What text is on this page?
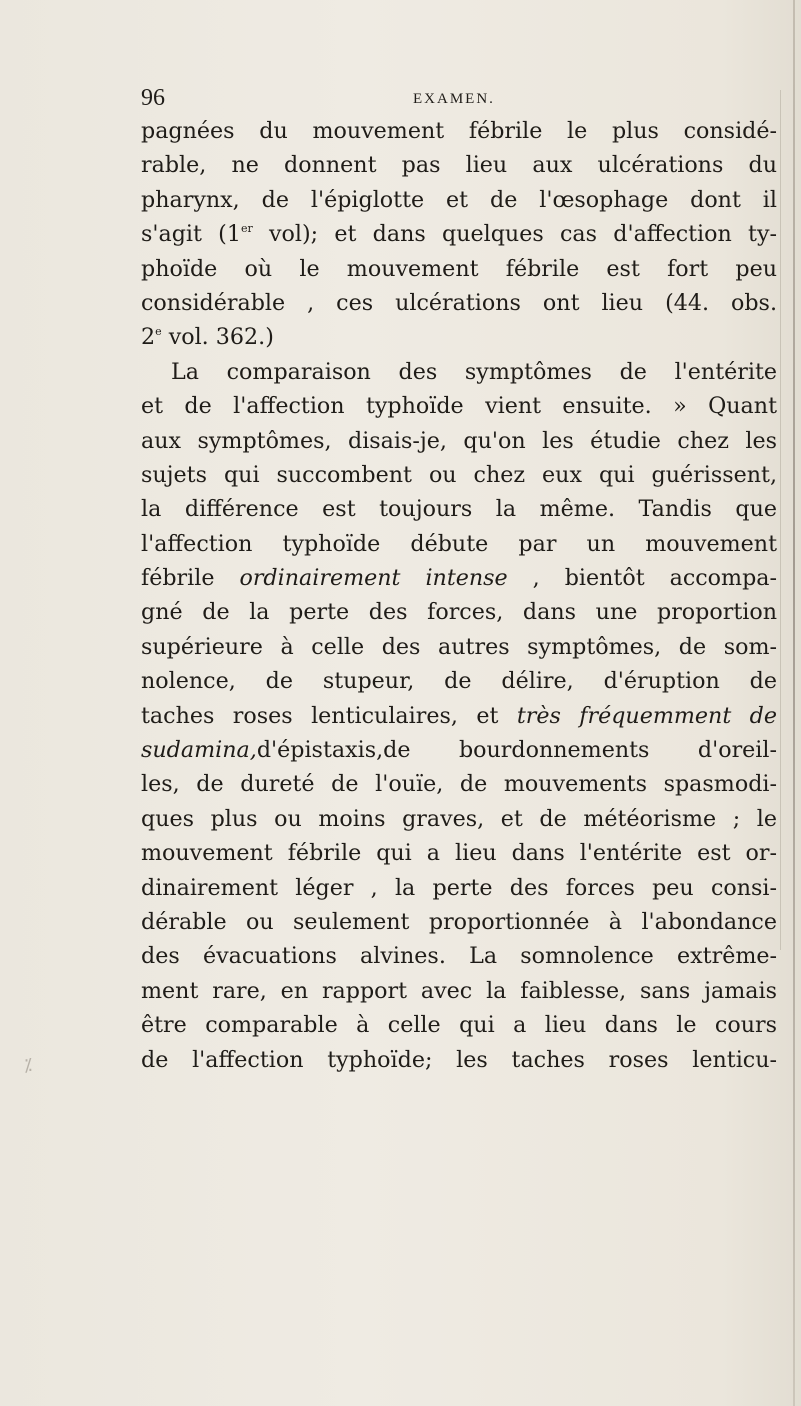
96	EXAMEN.
pagnées du mouvement fébrile le plus considé-
rable, ne donnent pas lieu aux ulcérations du
pharynx, de l'épiglotte et de l'œsophage dont il
s'agit (1er vol); et dans quelques cas d'affection ty-
phoïde où le mouvement fébrile est fort peu
considérable , ces ulcérations ont lieu (44. obs.
2e vol. 362.)
La comparaison des symptômes de l'entérite
et de l'affection typhoïde vient ensuite. » Quant
aux symptômes, disais-je, qu'on les étudie chez les
sujets qui succombent ou chez eux qui guérissent,
la différence est toujours la même. Tandis que
l'affection typhoïde débute par un mouvement
fébrile ordinairement intense , bientôt accompa-
gné de la perte des forces, dans une proportion
supérieure à celle des autres symptômes, de som-
nolence, de stupeur, de délire, d'éruption de
taches roses lenticulaires, et très fréquemment de
sudamina,d'épistaxis,de bourdonnements d'oreil-
les, de dureté de l'ouïe, de mouvements spasmodi-
ques plus ou moins graves, et de météorisme ; le
mouvement fébrile qui a lieu dans l'entérite est or-
dinairement léger , la perte des forces peu consi-
dérable ou seulement proportionnée à l'abondance
des évacuations alvines. La somnolence extrême-
ment rare, en rapport avec la faiblesse, sans jamais
être comparable à celle qui a lieu dans le cours
de l'affection typhoïde; les taches roses lenticu-
⁒
